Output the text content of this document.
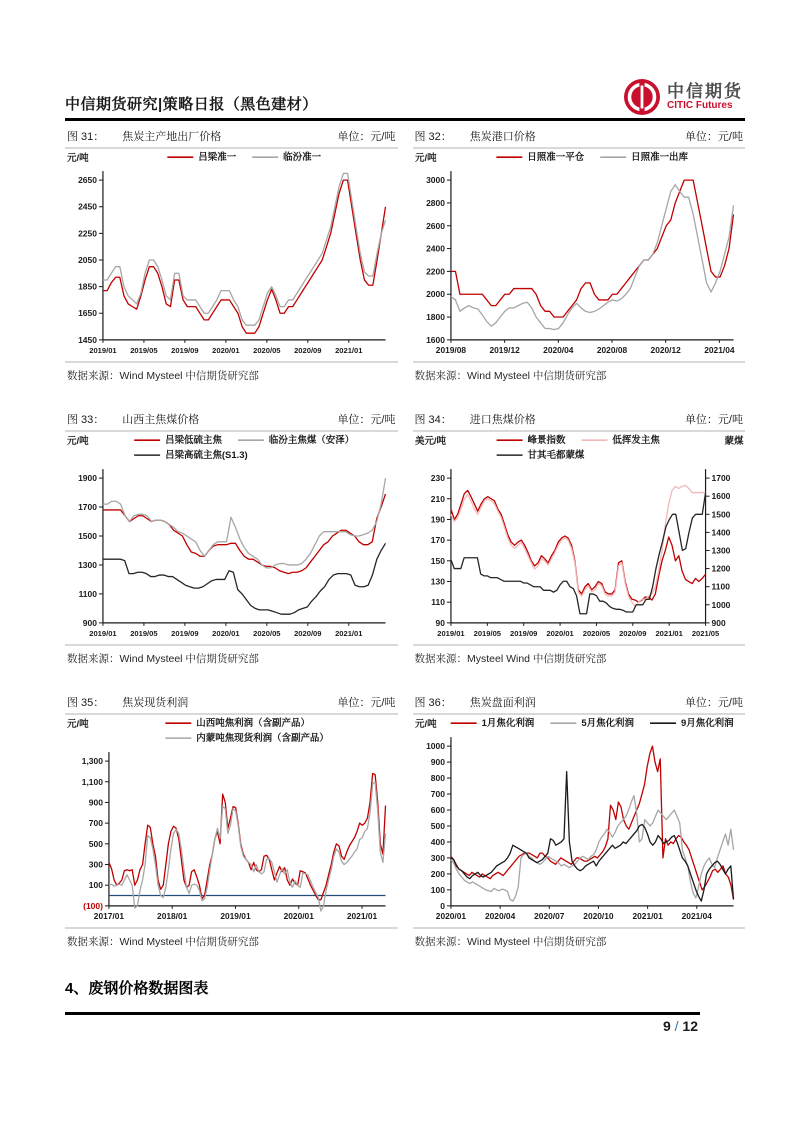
中信期货研究|策略日报（黑色建材）
中信期货
CITIC Futures
图 31： 焦炭主产地出厂价格	单位：元/吨
1450
1650
1850
2050
2250
2450
2650
2019/01 2019/05 2019/09 2020/01 2020/05 2020/09 2021/01
元/吨	吕梁准一	临汾准一
数据来源：Wind Mysteel 中信期货研究部
图 32： 焦炭港口价格	单位：元/吨
1600
1800
2000
2200
2400
2600
2800
3000
2019/08	2019/12	2020/04	2020/08	2020/12	2021/04
元/吨	日照准一平仓	日照准一出库
数据来源：Wind Mysteel 中信期货研究部
图 33： 山西主焦煤价格	单位：元/吨
900
1100
1300
1500
1700
1900
2019/01 2019/05 2019/09 2020/01 2020/05 2020/09 2021/01
元/吨	吕梁低硫主焦	临汾主焦煤（安泽）
吕梁高硫主焦(S1.3)
数据来源：Wind Mysteel 中信期货研究部
图 34： 进口焦煤价格	单位：元/吨
90
110
130
150
170
190
210
230
900
1000
1100
1200
1300
1400
1500
1600
1700
2019/01 2019/05 2019/09 2020/01 2020/05 2020/09 2021/01 2021/05
美元/吨	蒙煤
峰景指数	低挥发主焦
甘其毛都蒙煤
数据来源：Mysteel Wind 中信期货研究部
图 35： 焦炭现货利润	单位：元/吨
(100)
100
300
500
700
900
1,100
1,300
2017/01	2018/01	2019/01	2020/01	2021/01
元/吨	山西吨焦利润（含副产品）
内蒙吨焦现货利润（含副产品）
数据来源：Wind Mysteel 中信期货研究部
图 36： 焦炭盘面利润	单位：元/吨
0
100
200
300
400
500
600
700
800
900
1000
2020/01 2020/04 2020/07 2020/10 2021/01 2021/04
元/吨	1月焦化利润	5月焦化利润	9月焦化利润
数据来源：Wind Mysteel 中信期货研究部
4、废钢价格数据图表
9 / 12
